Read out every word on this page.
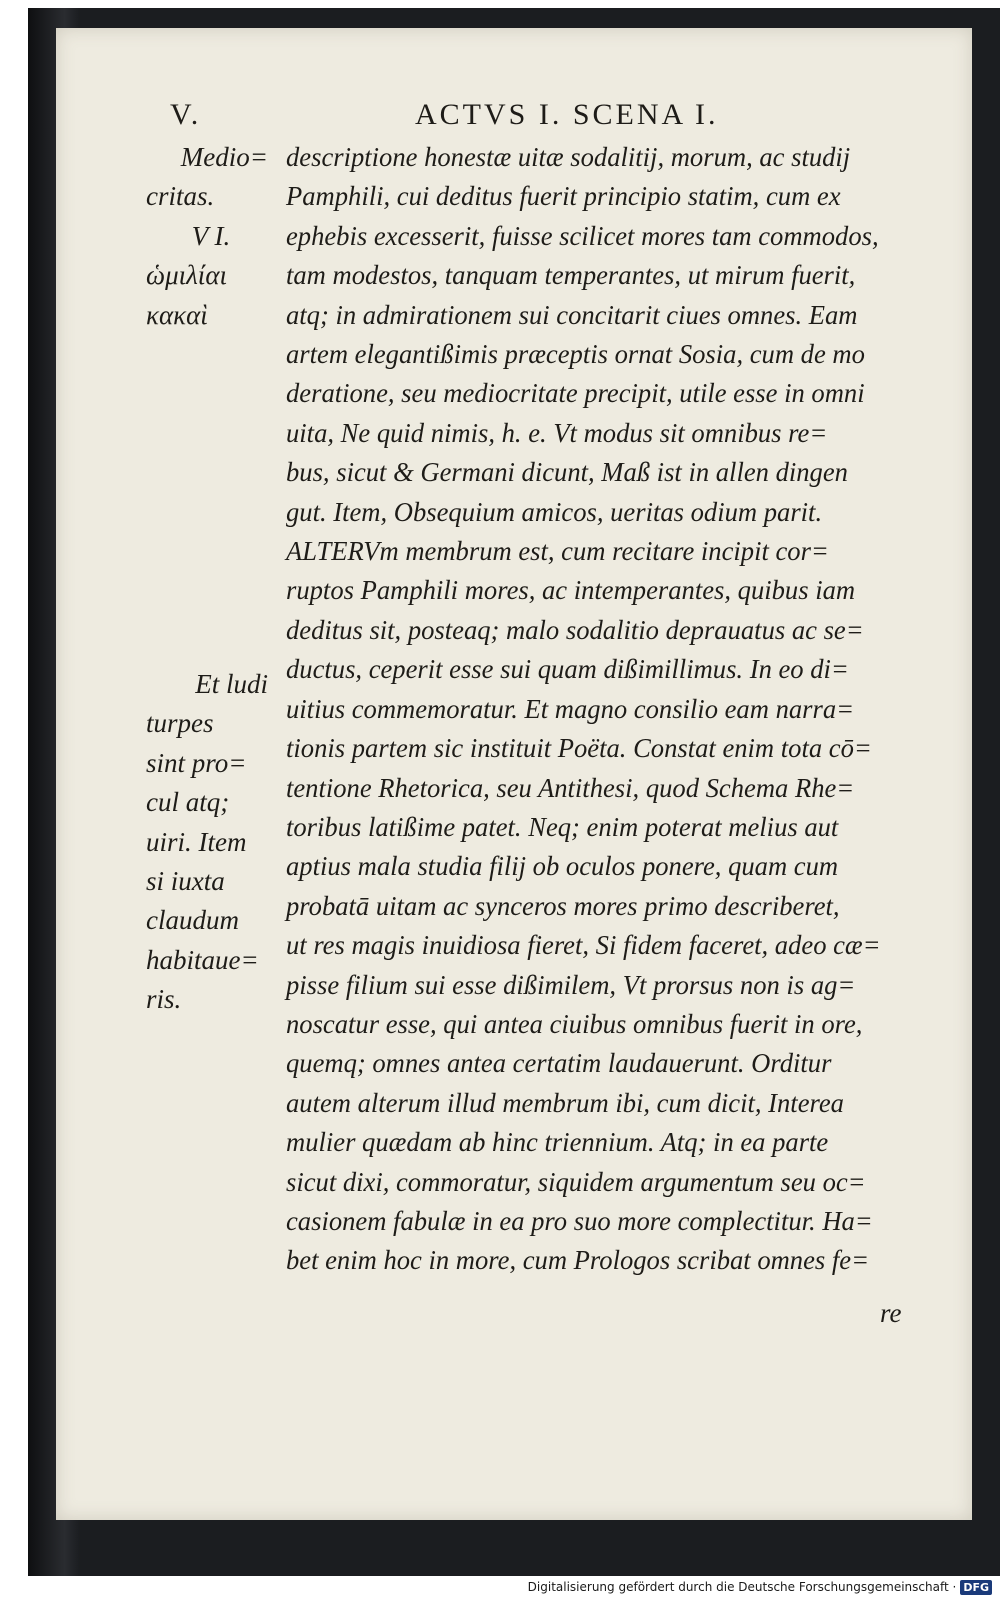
V.	ACTVS I. SCENA I.
Medio=
critas.
V I.
ὡμιλίαι
κακαὶ
Et ludi
turpes
sint pro=
cul atq;
uiri. Item
si iuxta
claudum
habitaue=
ris.
descriptione honestæ uitæ sodalitij, morum, ac studij
Pamphili, cui deditus fuerit principio statim, cum ex
ephebis excesserit, fuisse scilicet mores tam commodos,
tam modestos, tanquam temperantes, ut mirum fuerit,
atq; in admirationem sui concitarit ciues omnes. Eam
artem elegantißimis præceptis ornat Sosia, cum de mo
deratione, seu mediocritate precipit, utile esse in omni
uita, Ne quid nimis, h. e. Vt modus sit omnibus re=
bus, sicut & Germani dicunt, Maß ist in allen dingen
gut. Item, Obsequium amicos, ueritas odium parit.
ALTERVm membrum est, cum recitare incipit cor=
ruptos Pamphili mores, ac intemperantes, quibus iam
deditus sit, posteaq; malo sodalitio deprauatus ac se=
ductus, ceperit esse sui quam dißimillimus. In eo di=
uitius commemoratur. Et magno consilio eam narra=
tionis partem sic instituit Poëta. Constat enim tota cō=
tentione Rhetorica, seu Antithesi, quod Schema Rhe=
toribus latißime patet. Neq; enim poterat melius aut
aptius mala studia filij ob oculos ponere, quam cum
probatā uitam ac synceros mores primo describeret,
ut res magis inuidiosa fieret, Si fidem faceret, adeo cæ=
pisse filium sui esse dißimilem, Vt prorsus non is ag=
noscatur esse, qui antea ciuibus omnibus fuerit in ore,
quemq; omnes antea certatim laudauerunt. Orditur
autem alterum illud membrum ibi, cum dicit, Interea
mulier quædam ab hinc triennium. Atq; in ea parte
sicut dixi, commoratur, siquidem argumentum seu oc=
casionem fabulæ in ea pro suo more complectitur. Ha=
bet enim hoc in more, cum Prologos scribat omnes fe=
re
Digitalisierung gefördert durch die Deutsche Forschungsgemeinschaft · DFG
